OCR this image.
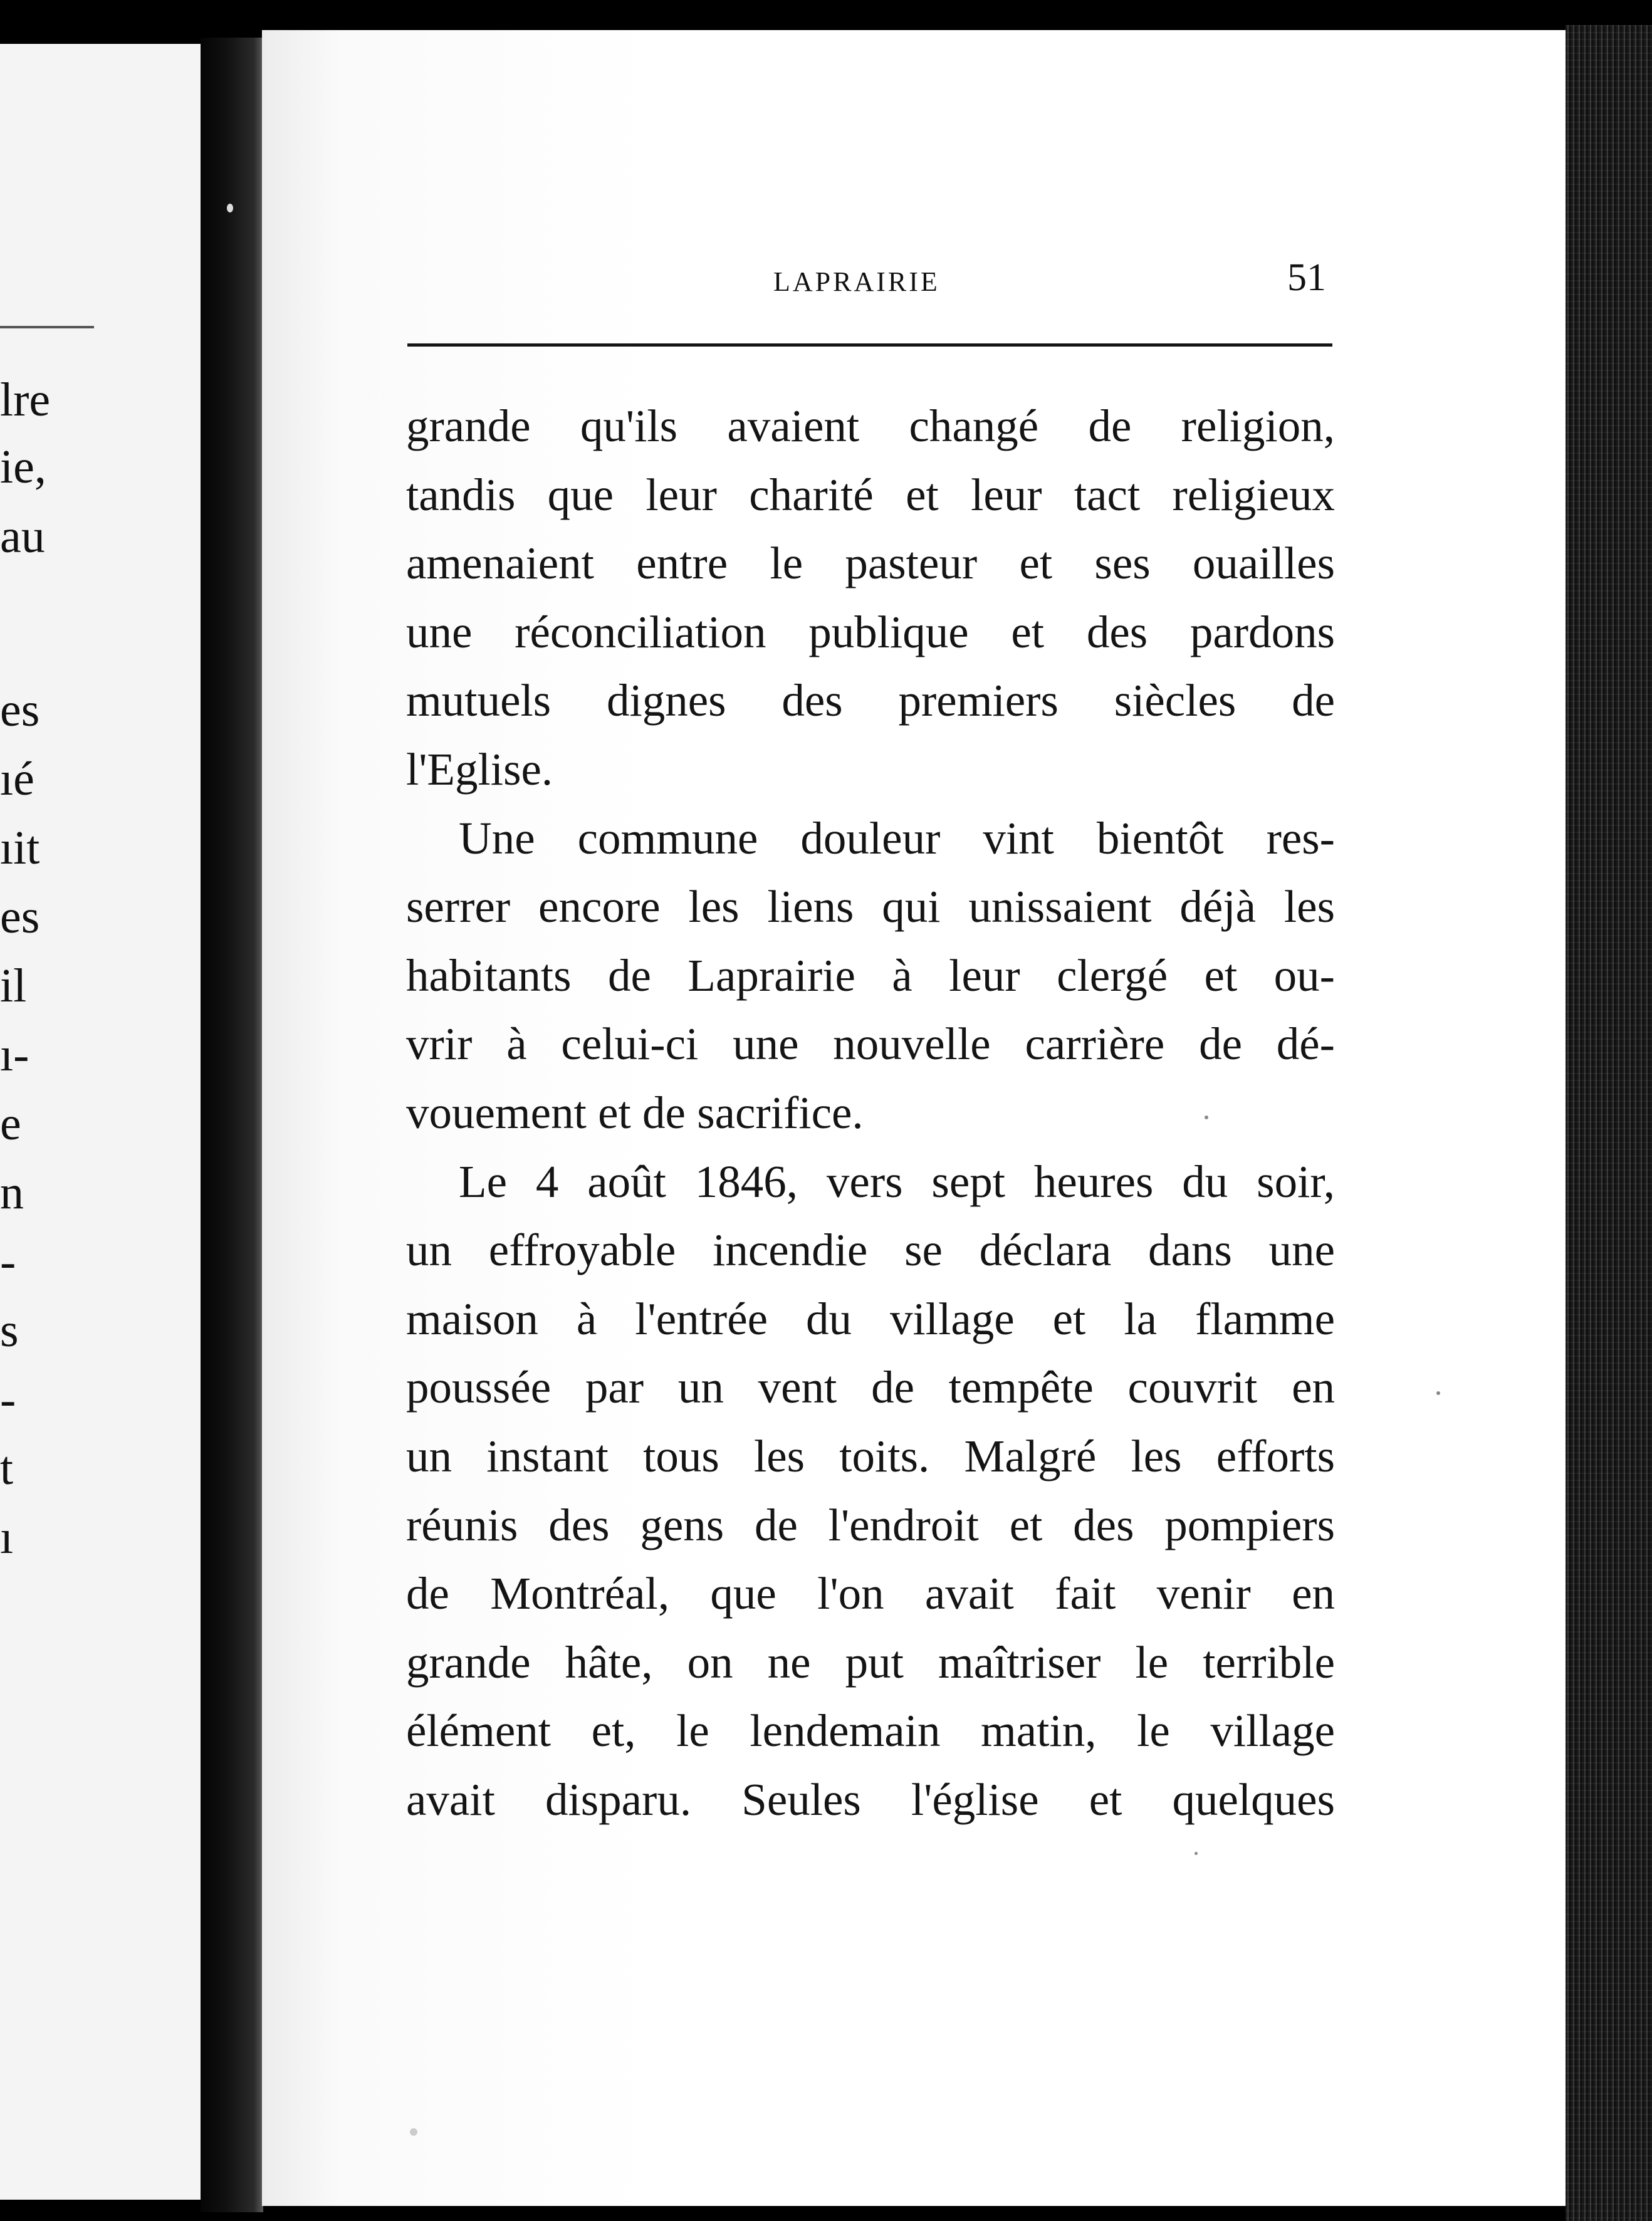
lre
ie,
au
es
ıé
ıit
es
il
ı-
e
n
-
s
-
t
ı
LAPRAIRIE	51
grande qu'ils avaient changé de religion,
tandis que leur charité et leur tact religieux
amenaient entre le pasteur et ses ouailles
une réconciliation publique et des pardons
mutuels dignes des premiers siècles de
l'Eglise.
Une commune douleur vint bientôt res-
serrer encore les liens qui unissaient déjà les
habitants de Laprairie à leur clergé et ou-
vrir à celui-ci une nouvelle carrière de dé-
vouement et de sacrifice.
Le 4 août 1846, vers sept heures du soir,
un effroyable incendie se déclara dans une
maison à l'entrée du village et la flamme
poussée par un vent de tempête couvrit en
un instant tous les toits. Malgré les efforts
réunis des gens de l'endroit et des pompiers
de Montréal, que l'on avait fait venir en
grande hâte, on ne put maîtriser le terrible
élément et, le lendemain matin, le village
avait disparu. Seules l'église et quelques
